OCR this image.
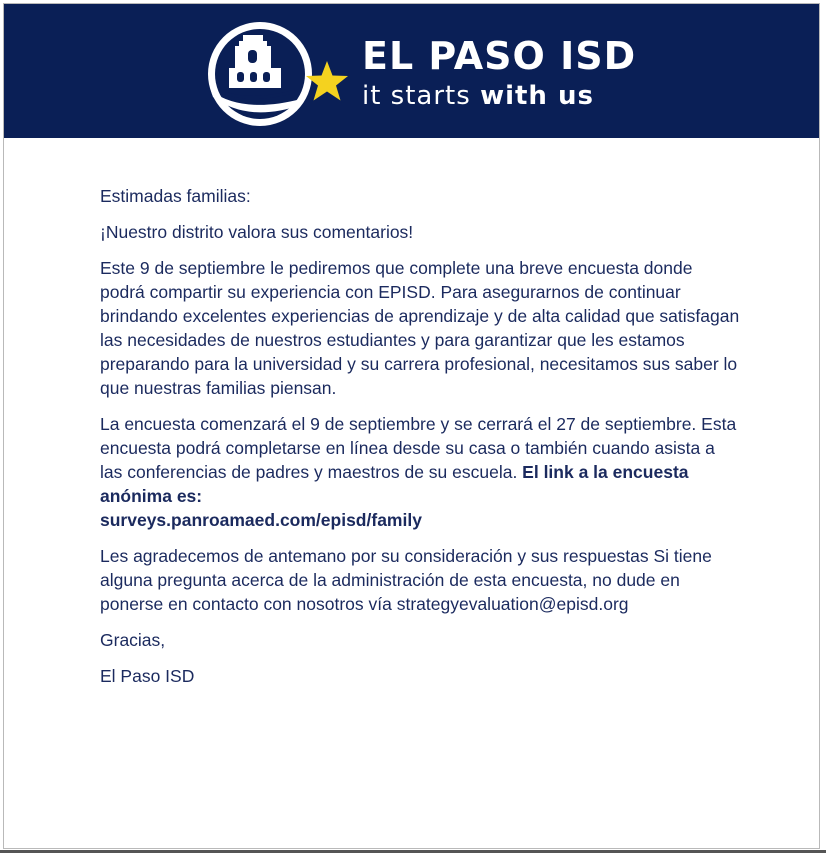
EL PASO ISD
it starts with us

Estimadas familias:

¡Nuestro distrito valora sus comentarios!

Este 9 de septiembre le pediremos que complete una breve encuesta donde podrá compartir su experiencia con EPISD. Para asegurarnos de continuar brindando excelentes experiencias de aprendizaje y de alta calidad que satisfagan las necesidades de nuestros estudiantes y para garantizar que les estamos preparando para la universidad y su carrera profesional, necesitamos sus saber lo que nuestras familias piensan.

La encuesta comenzará el 9 de septiembre y se cerrará el 27 de septiembre. Esta encuesta podrá completarse en línea desde su casa o también cuando asista a las conferencias de padres y maestros de su escuela. El link a la encuesta anónima es:
surveys.panroamaed.com/episd/family

Les agradecemos de antemano por su consideración y sus respuestas Si tiene alguna pregunta acerca de la administración de esta encuesta, no dude en ponerse en contacto con nosotros vía strategyevaluation@episd.org

Gracias,

El Paso ISD
